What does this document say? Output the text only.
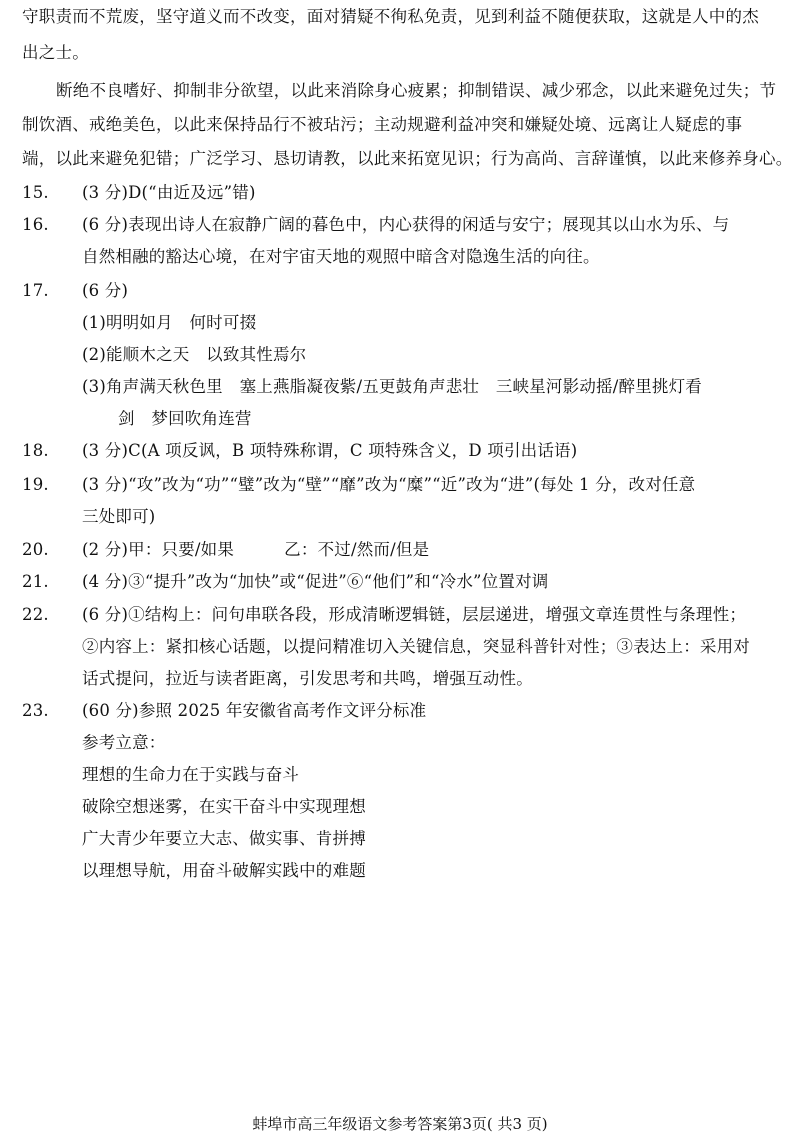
守职责而不荒废，坚守道义而不改变，面对猜疑不徇私免责，见到利益不随便获取，这就是人中的杰
出之士。
断绝不良嗜好、抑制非分欲望，以此来消除身心疲累；抑制错误、减少邪念，以此来避免过失；节
制饮酒、戒绝美色，以此来保持品行不被玷污；主动规避利益冲突和嫌疑处境、远离让人疑虑的事
端，以此来避免犯错；广泛学习、恳切请教，以此来拓宽见识；行为高尚、言辞谨慎，以此来修养身心。
15. (3 分)D(“由近及远”错)
16. (6 分)表现出诗人在寂静广阔的暮色中，内心获得的闲适与安宁；展现其以山水为乐、与
自然相融的豁达心境，在对宇宙天地的观照中暗含对隐逸生活的向往。
17. (6 分)
(1)明明如月　何时可掇
(2)能顺木之天　以致其性焉尔
(3)角声满天秋色里　塞上燕脂凝夜紫/五更鼓角声悲壮　三峡星河影动摇/醉里挑灯看
剑　梦回吹角连营
18. (3 分)C(A 项反讽，B 项特殊称谓，C 项特殊含义，D 项引出话语)
19. (3 分)“攻”改为“功”“璧”改为“壁”“靡”改为“糜”“近”改为“进”(每处 1 分，改对任意
三处即可)
20. (2 分)甲：只要/如果　　　乙：不过/然而/但是
21. (4 分)③“提升”改为“加快”或“促进”⑥“他们”和“冷水”位置对调
22. (6 分)①结构上：问句串联各段，形成清晰逻辑链，层层递进，增强文章连贯性与条理性；
②内容上：紧扣核心话题，以提问精准切入关键信息，突显科普针对性；③表达上：采用对
话式提问，拉近与读者距离，引发思考和共鸣，增强互动性。
23. (60 分)参照 2025 年安徽省高考作文评分标准
参考立意：
理想的生命力在于实践与奋斗
破除空想迷雾，在实干奋斗中实现理想
广大青少年要立大志、做实事、肯拼搏
以理想导航，用奋斗破解实践中的难题
蚌埠市高三年级语文参考答案第3页( 共3 页)
